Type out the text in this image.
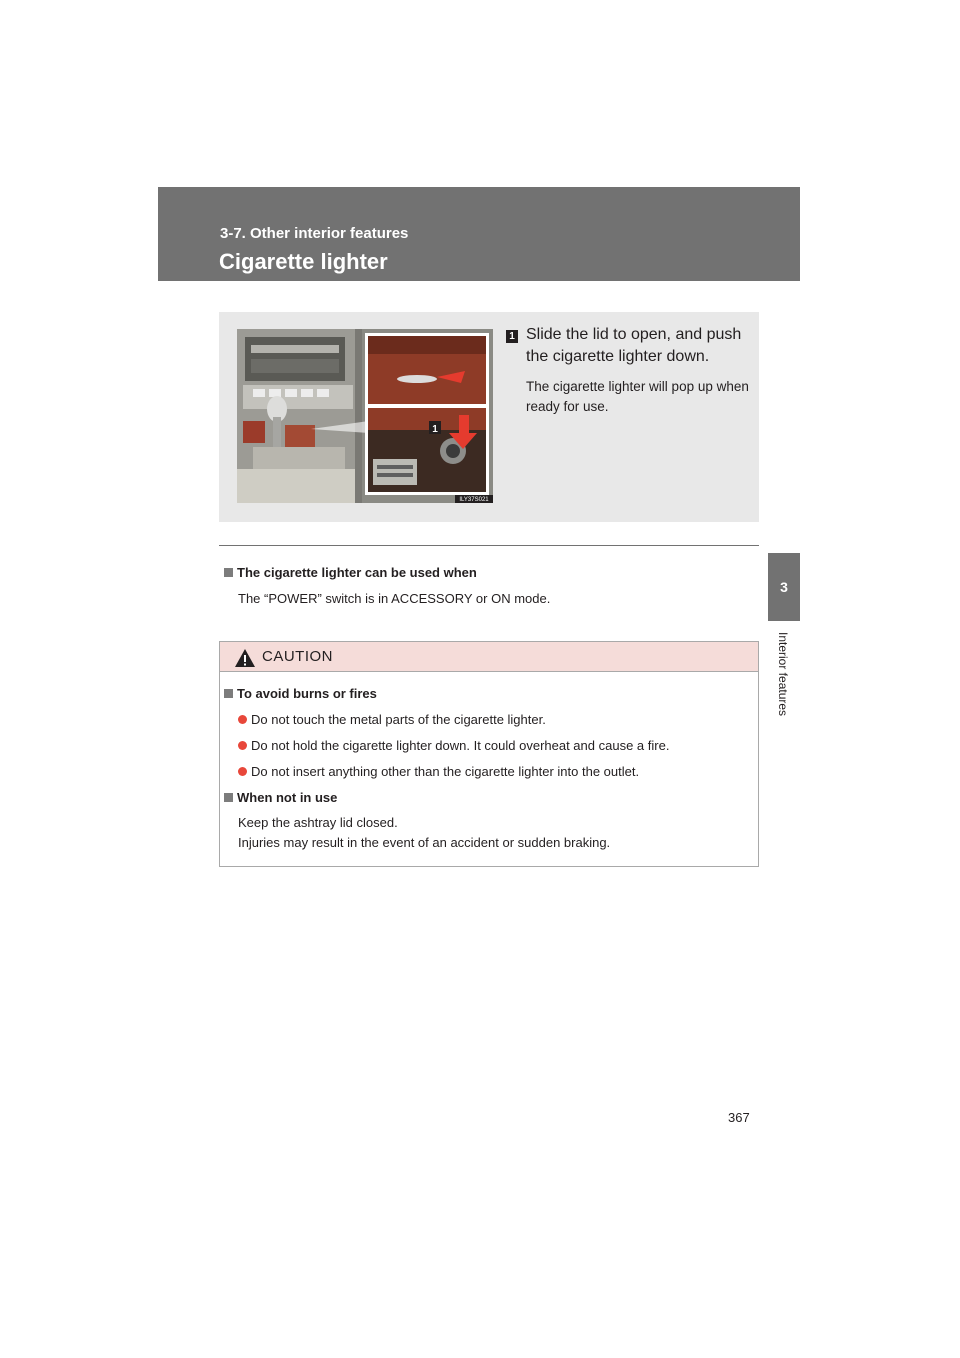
3-7. Other interior features
Cigarette lighter
3
Interior features
1
ILY37S021
1 Slide the lid to open, and push the cigarette lighter down.
The cigarette lighter will pop up when ready for use.
The cigarette lighter can be used when
The “POWER” switch is in ACCESSORY or ON mode.
CAUTION
To avoid burns or fires
Do not touch the metal parts of the cigarette lighter.
Do not hold the cigarette lighter down. It could overheat and cause a fire.
Do not insert anything other than the cigarette lighter into the outlet.
When not in use
Keep the ashtray lid closed.
Injuries may result in the event of an accident or sudden braking.
367
